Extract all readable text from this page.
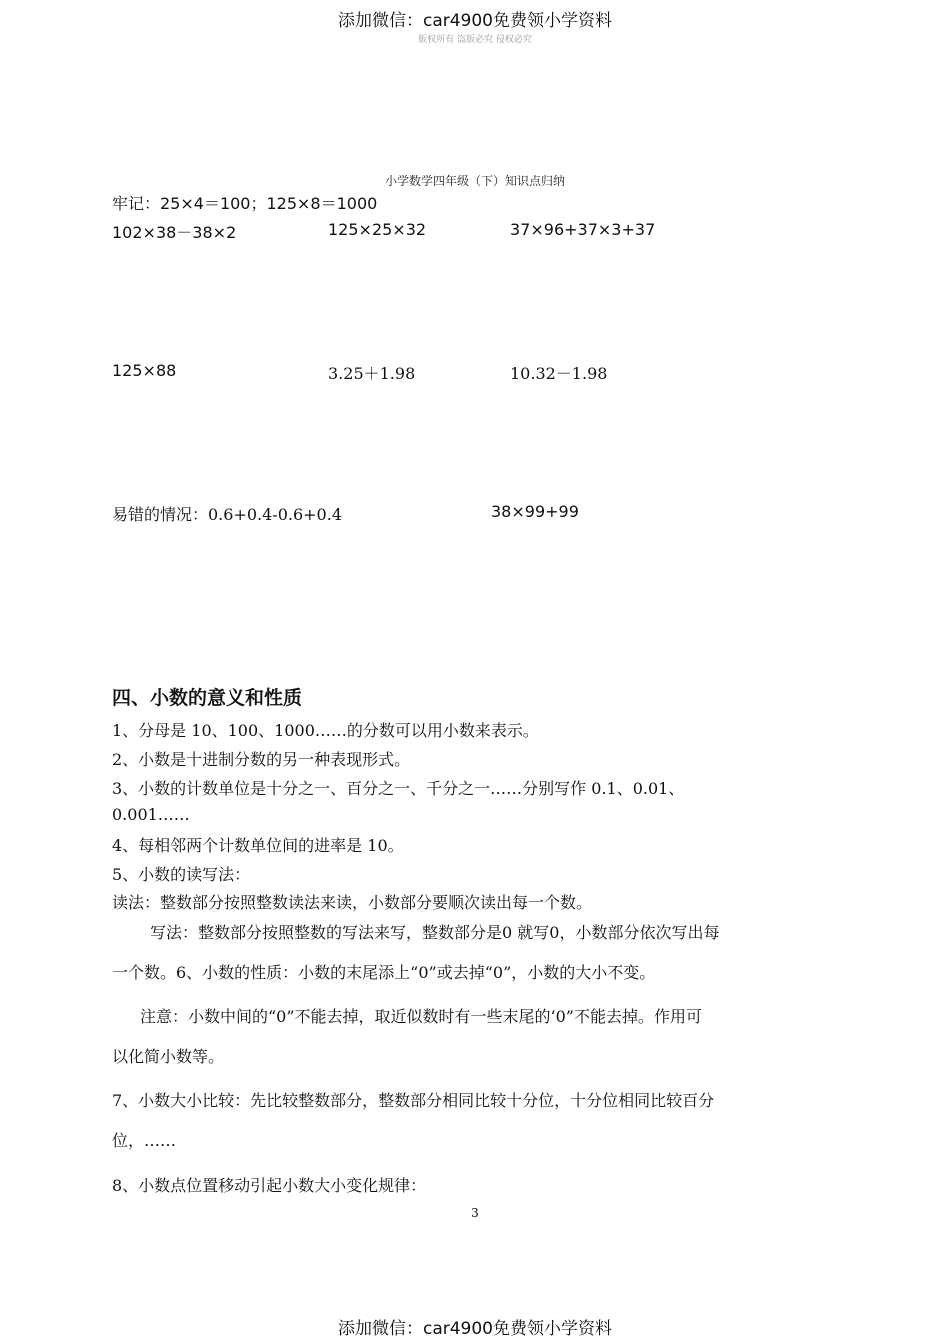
添加微信：car4900免费领小学资料
版权所有 盗版必究 侵权必究
小学数学四年级（下）知识点归纳
牢记：25×4＝100；125×8＝1000
102×38－38×2	125×25×32	37×96+37×3+37
125×88	3.25＋1.98	10.32－1.98
易错的情况：0.6+0.4-0.6+0.4	38×99+99
四、小数的意义和性质
1、分母是 10、100、1000……的分数可以用小数来表示。
2、小数是十进制分数的另一种表现形式。
3、小数的计数单位是十分之一、百分之一、千分之一……分别写作 0.1、0.01、
0.001……
4、每相邻两个计数单位间的进率是 10。
5、小数的读写法：
读法：整数部分按照整数读法来读，小数部分要顺次读出每一个数。
写法：整数部分按照整数的写法来写，整数部分是0 就写0，小数部分依次写出每
一个数。6、小数的性质：小数的末尾添上“0”或去掉“0”，小数的大小不变。
注意：小数中间的“0”不能去掉，取近似数时有一些末尾的‘0”不能去掉。作用可
以化简小数等。
7、小数大小比较：先比较整数部分，整数部分相同比较十分位，十分位相同比较百分
位，……
8、小数点位置移动引起小数大小变化规律：
3
添加微信：car4900免费领小学资料
